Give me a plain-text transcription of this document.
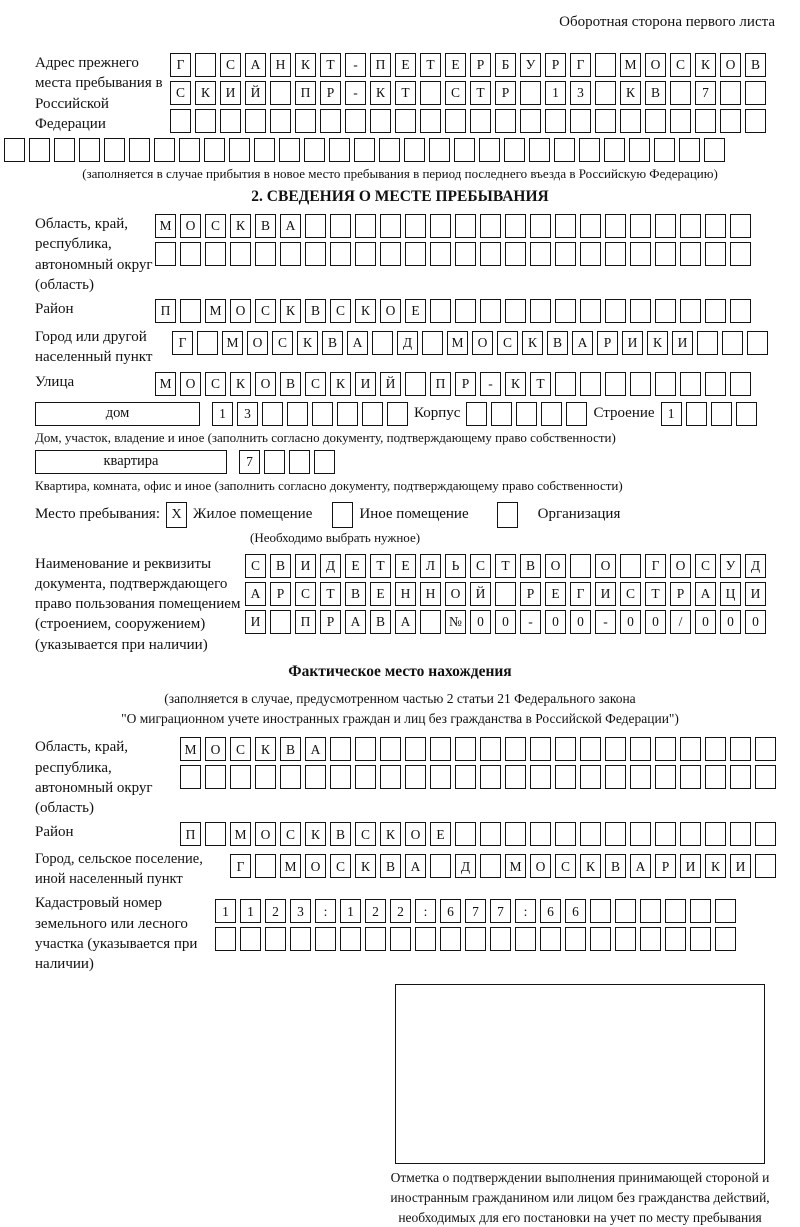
Оборотная сторона первого листа
Адрес прежнего места пребывания в Российской Федерации
Г	С	А	Н	К	Т	-	П	Е	Т	Е	Р	Б	У	Р	Г	М	О	С	К	О	В
С	К	И	Й	П	Р	-	К	Т	С	Т	Р	1	3	К	В	7
(заполняется в случае прибытия в новое место пребывания в период последнего въезда в Российскую Федерацию)
2. СВЕДЕНИЯ О МЕСТЕ ПРЕБЫВАНИЯ
Область, край, республика, автономный округ (область)
М	О	С	К	В	А
Район	П	М	О	С	К	В	С	К	О	Е
Город или другой населенный пункт
Г	М	О	С	К	В	А	Д	М	О	С	К	В	А	Р	И	К	И
Улица	М	О	С	К	О	В	С	К	И	Й	П	Р	-	К	Т
дом	1	3	Корпус	Строение 1
Дом, участок, владение и иное (заполнить согласно документу, подтверждающему право собственности)
квартира	7
Квартира, комната, офис и иное (заполнить согласно документу, подтверждающему право собственности)
Место пребывания: X Жилое помещение	Иное помещение	Организация
(Необходимо выбрать нужное)
Наименование и реквизиты документа, подтверждающего право пользования помещением (строением, сооружением) (указывается при наличии)
С	В	И	Д	Е	Т	Е	Л	Ь	С	Т	В	О	О	Г	О	С	У	Д
А	Р	С	Т	В	Е	Н	Н	О	Й	Р	Е	Г	И	С	Т	Р	А	Ц	И
И	П	Р	А	В	А	№	0	0	-	0	0	-	0	0	/	0	0	0
Фактическое место нахождения
(заполняется в случае, предусмотренном частью 2 статьи 21 Федерального закона
"О миграционном учете иностранных граждан и лиц без гражданства в Российской Федерации")
Область, край, республика, автономный округ (область)
М	О	С	К	В	А
Район	П	М	О	С	К	В	С	К	О	Е
Город, сельское поселение, иной населенный пункт
Г	М	О	С	К	В	А	Д	М	О	С	К	В	А	Р	И	К	И
Кадастровый номер земельного или лесного участка (указывается при наличии)
1	1	2	3	:	1	2	2	:	6	7	7	:	6	6
Отметка о подтверждении выполнения принимающей стороной и иностранным гражданином или лицом без гражданства действий, необходимых для его постановки на учет по месту пребывания
